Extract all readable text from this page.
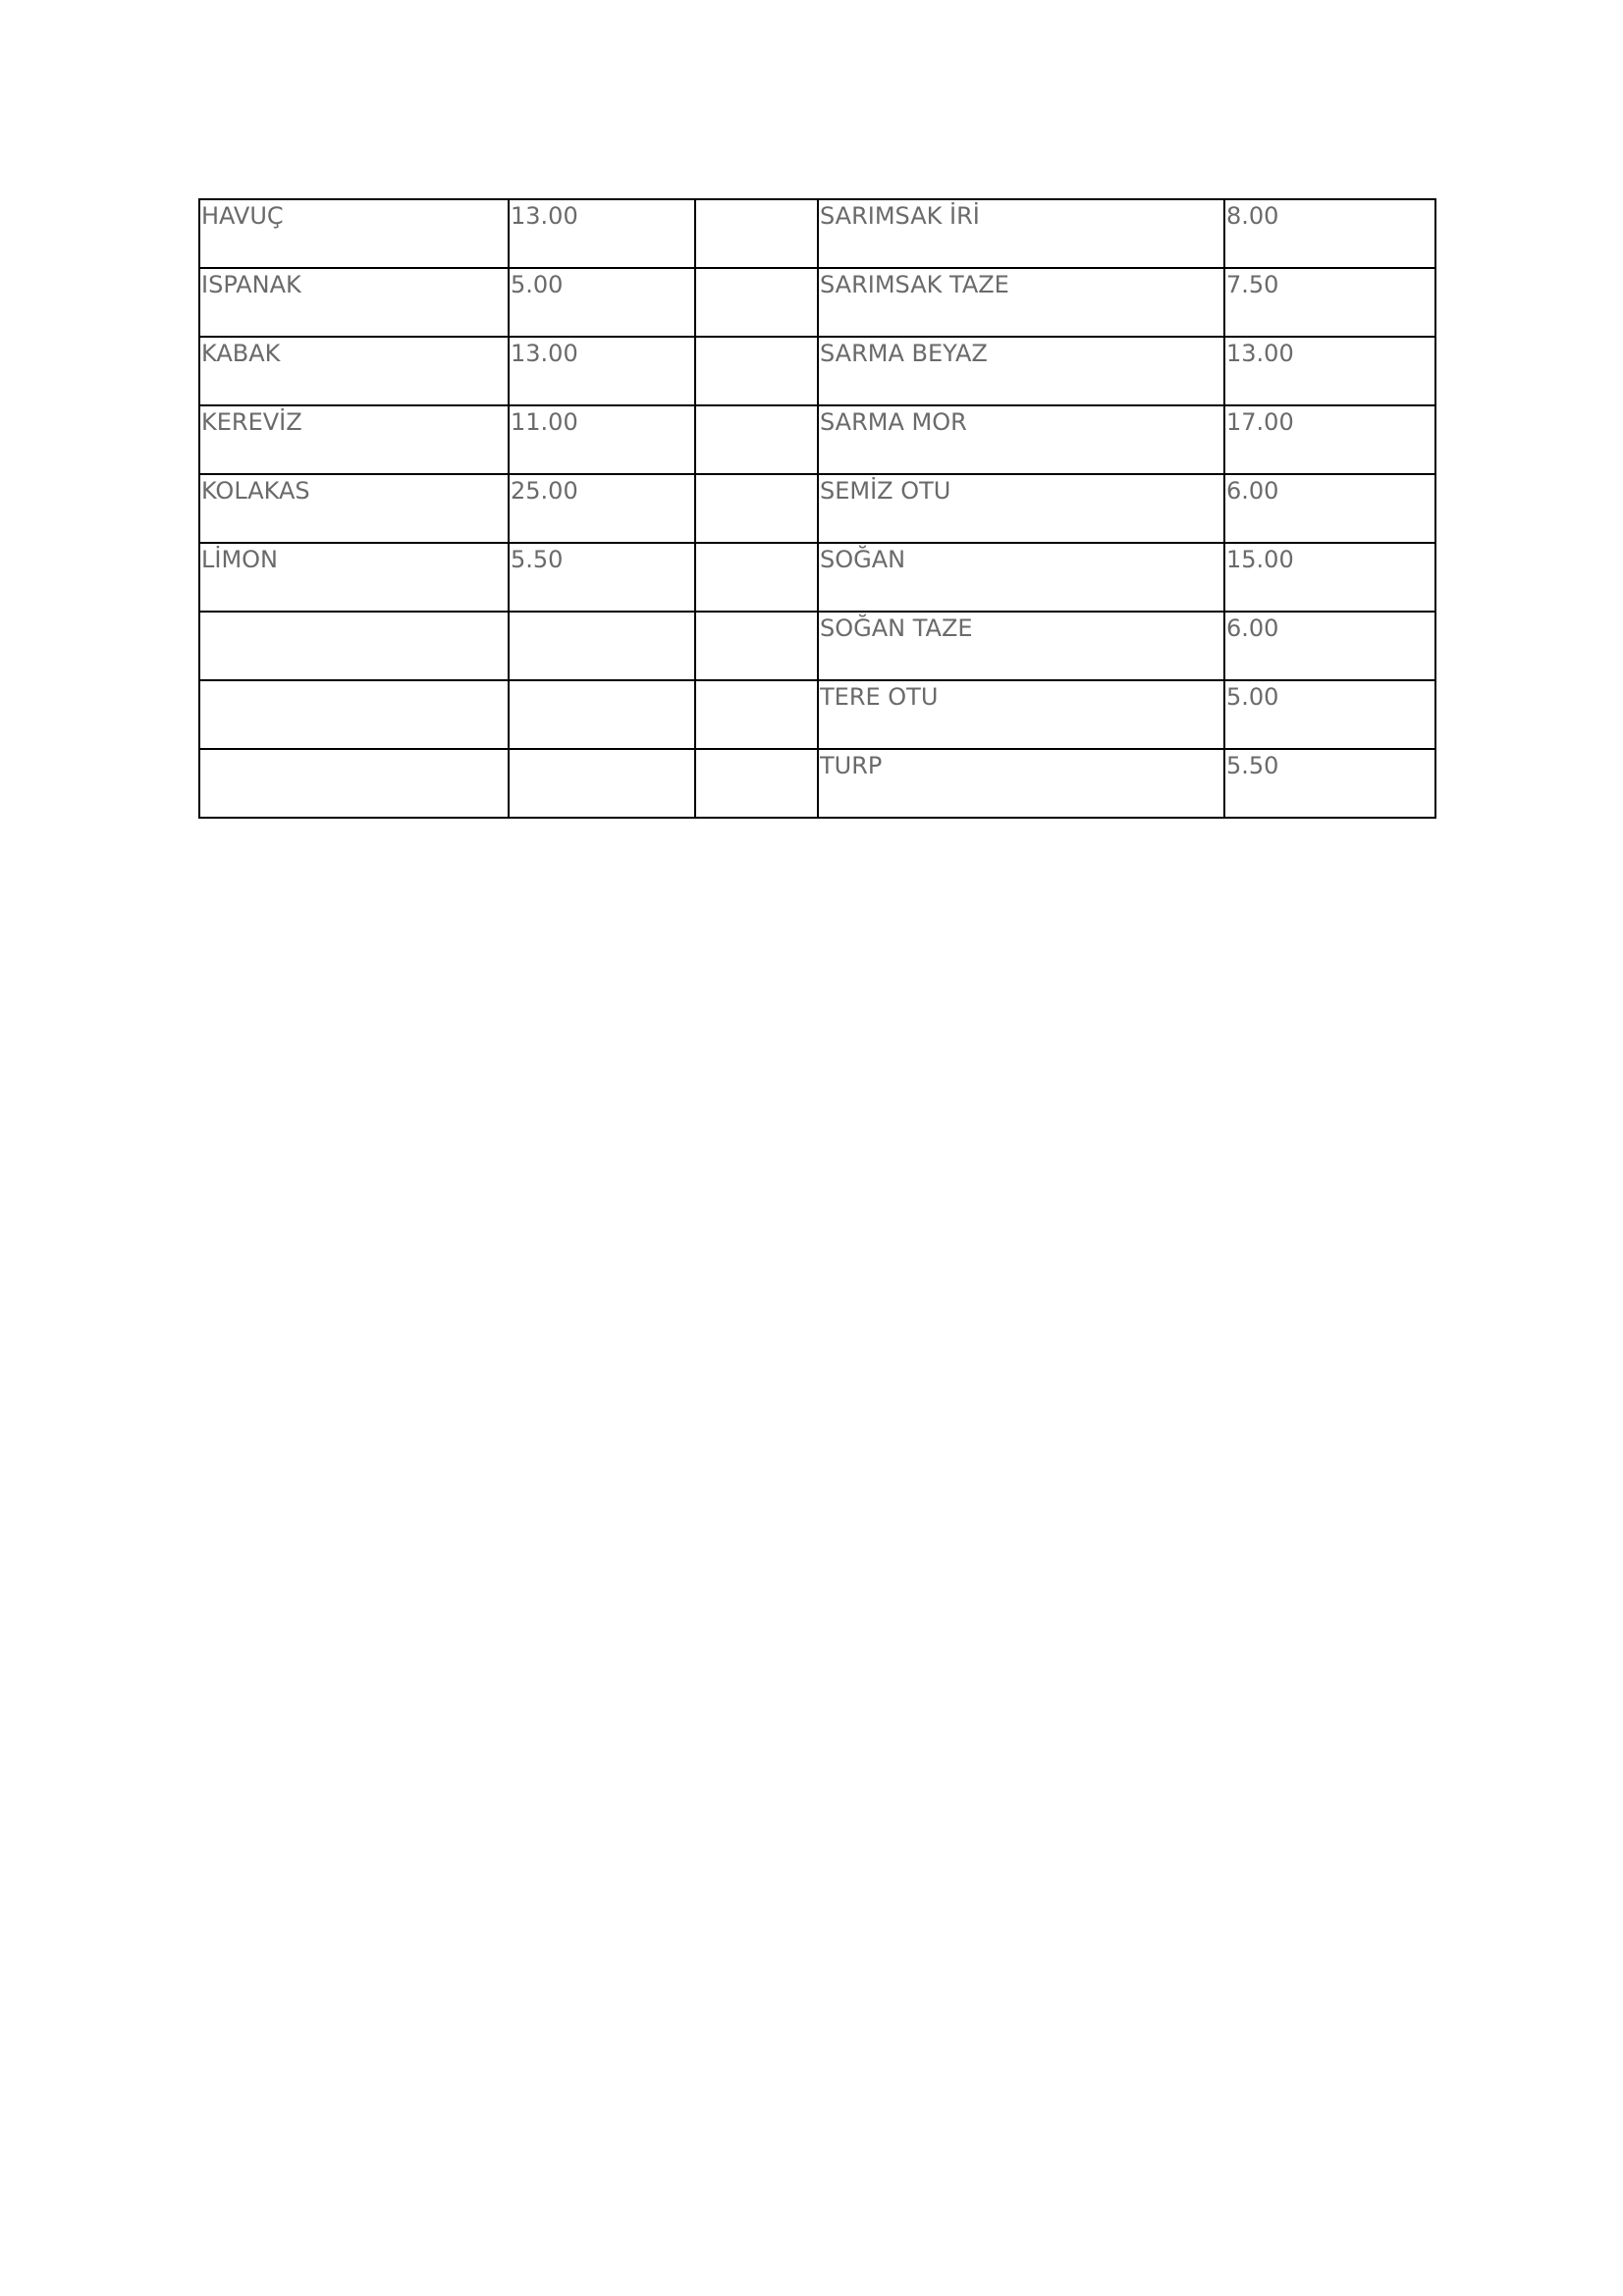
HAVUÇ	13.00		SARIMSAK İRİ	8.00

ISPANAK	5.00		SARIMSAK TAZE	7.50

KABAK	13.00		SARMA BEYAZ	13.00

KEREVİZ	11.00		SARMA MOR	17.00

KOLAKAS	25.00		SEMİZ OTU	6.00

LİMON	5.50		SOĞAN	15.00

			SOĞAN TAZE	6.00

			TERE OTU	5.00

			TURP	5.50
